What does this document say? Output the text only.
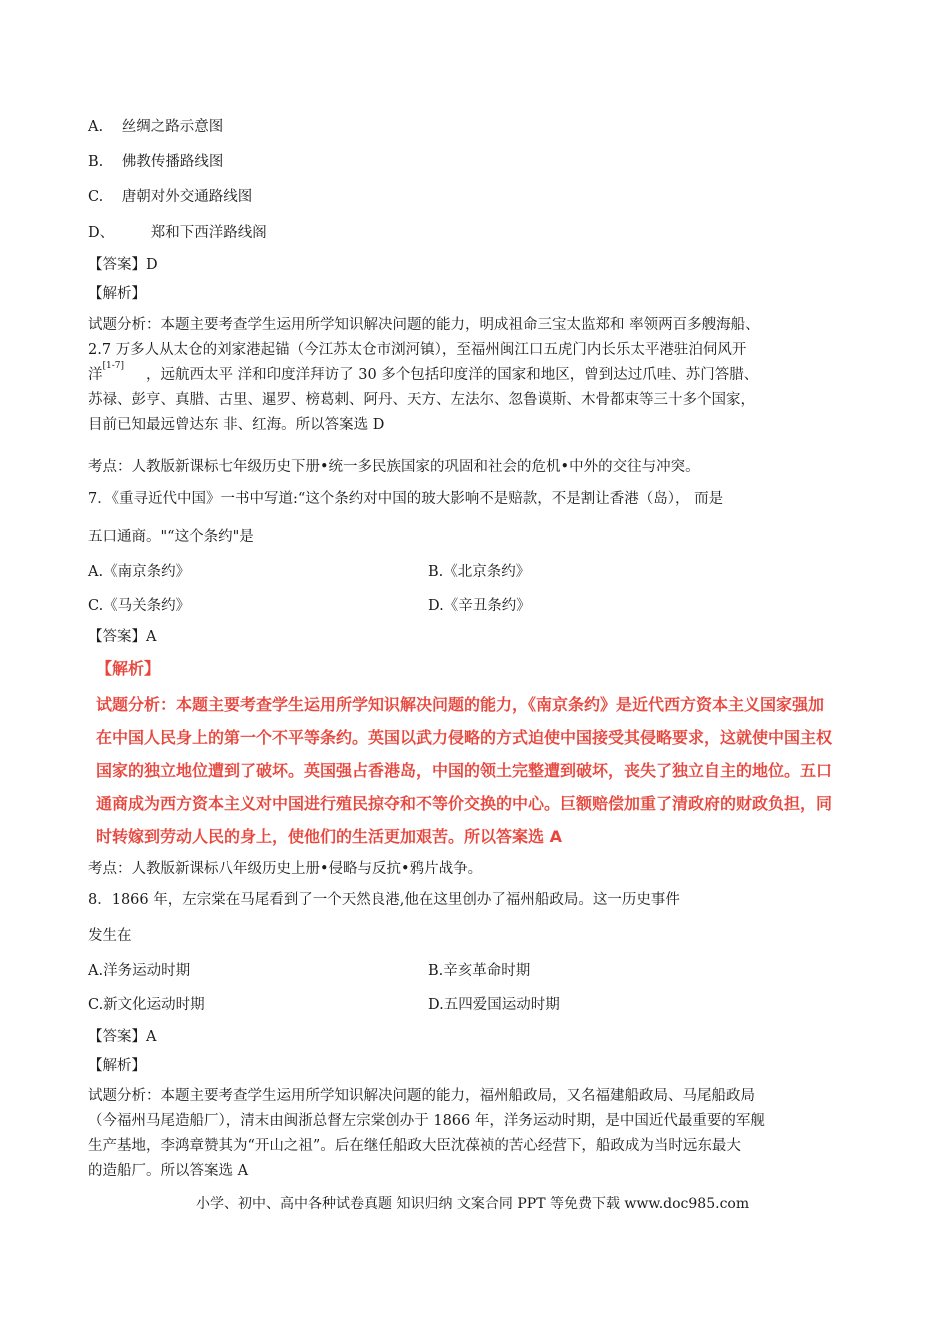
A. 丝绸之路示意图
B. 佛教传播路线图
C. 唐朝对外交通路线图
D、	郑和下西洋路线阁
【答案】D
【解析】
试题分析：本题主要考查学生运用所学知识解决问题的能力，明成祖命三宝太监郑和 率领两百多艘海船、
2.7 万多人从太仓的刘家港起锚（今江苏太仓市浏河镇），至福州闽江口五虎门内长乐太平港驻泊伺风开
洋[1-7]，远航西太平 洋和印度洋拜访了 30 多个包括印度洋的国家和地区，曾到达过爪哇、苏门答腊、
苏禄、彭亨、真腊、古里、暹罗、榜葛剌、阿丹、天方、左法尔、忽鲁谟斯、木骨都束等三十多个国家，
目前已知最远曾达东 非、红海。所以答案选 D
考点：人教版新课标七年级历史下册•统一多民族国家的巩固和社会的危机•中外的交往与冲突。
7．《重寻近代中国》一书中写道:“这个条约对中国的玻大影响不是赔款，不是割让香港（岛）， 而是
五口通商。"“这个条约"是
A.《南京条约》	B.《北京条约》
C.《马关条约》	D.《辛丑条约》
【答案】A
【解析】
试题分析：本题主要考查学生运用所学知识解决问题的能力，《南京条约》是近代西方资本主义国家强加
在中国人民身上的第一个不平等条约。英国以武力侵略的方式迫使中国接受其侵略要求，这就使中国主权
国家的独立地位遭到了破坏。英国强占香港岛，中国的领土完整遭到破坏，丧失了独立自主的地位。五口
通商成为西方资本主义对中国进行殖民掠夺和不等价交换的中心。巨额赔偿加重了清政府的财政负担，同
时转嫁到劳动人民的身上，使他们的生活更加艰苦。所以答案选 A
考点：人教版新课标八年级历史上册•侵略与反抗•鸦片战争。
8．1866 年，左宗棠在马尾看到了一个天然良港,他在这里创办了福州船政局。这一历史事件
发生在
A.洋务运动时期	B.辛亥革命时期
C.新文化运动时期	D.五四爱国运动时期
【答案】A
【解析】
试题分析：本题主要考查学生运用所学知识解决问题的能力，福州船政局，又名福建船政局、马尾船政局
（今福州马尾造船厂），清末由闽浙总督左宗棠创办于 1866 年，洋务运动时期，是中国近代最重要的军舰
生产基地，李鸿章赞其为“开山之祖”。后在继任船政大臣沈葆祯的苦心经营下，船政成为当时远东最大
的造船厂。所以答案选 A
小学、初中、高中各种试卷真题 知识归纳 文案合同 PPT 等免费下载 www.doc985.com
